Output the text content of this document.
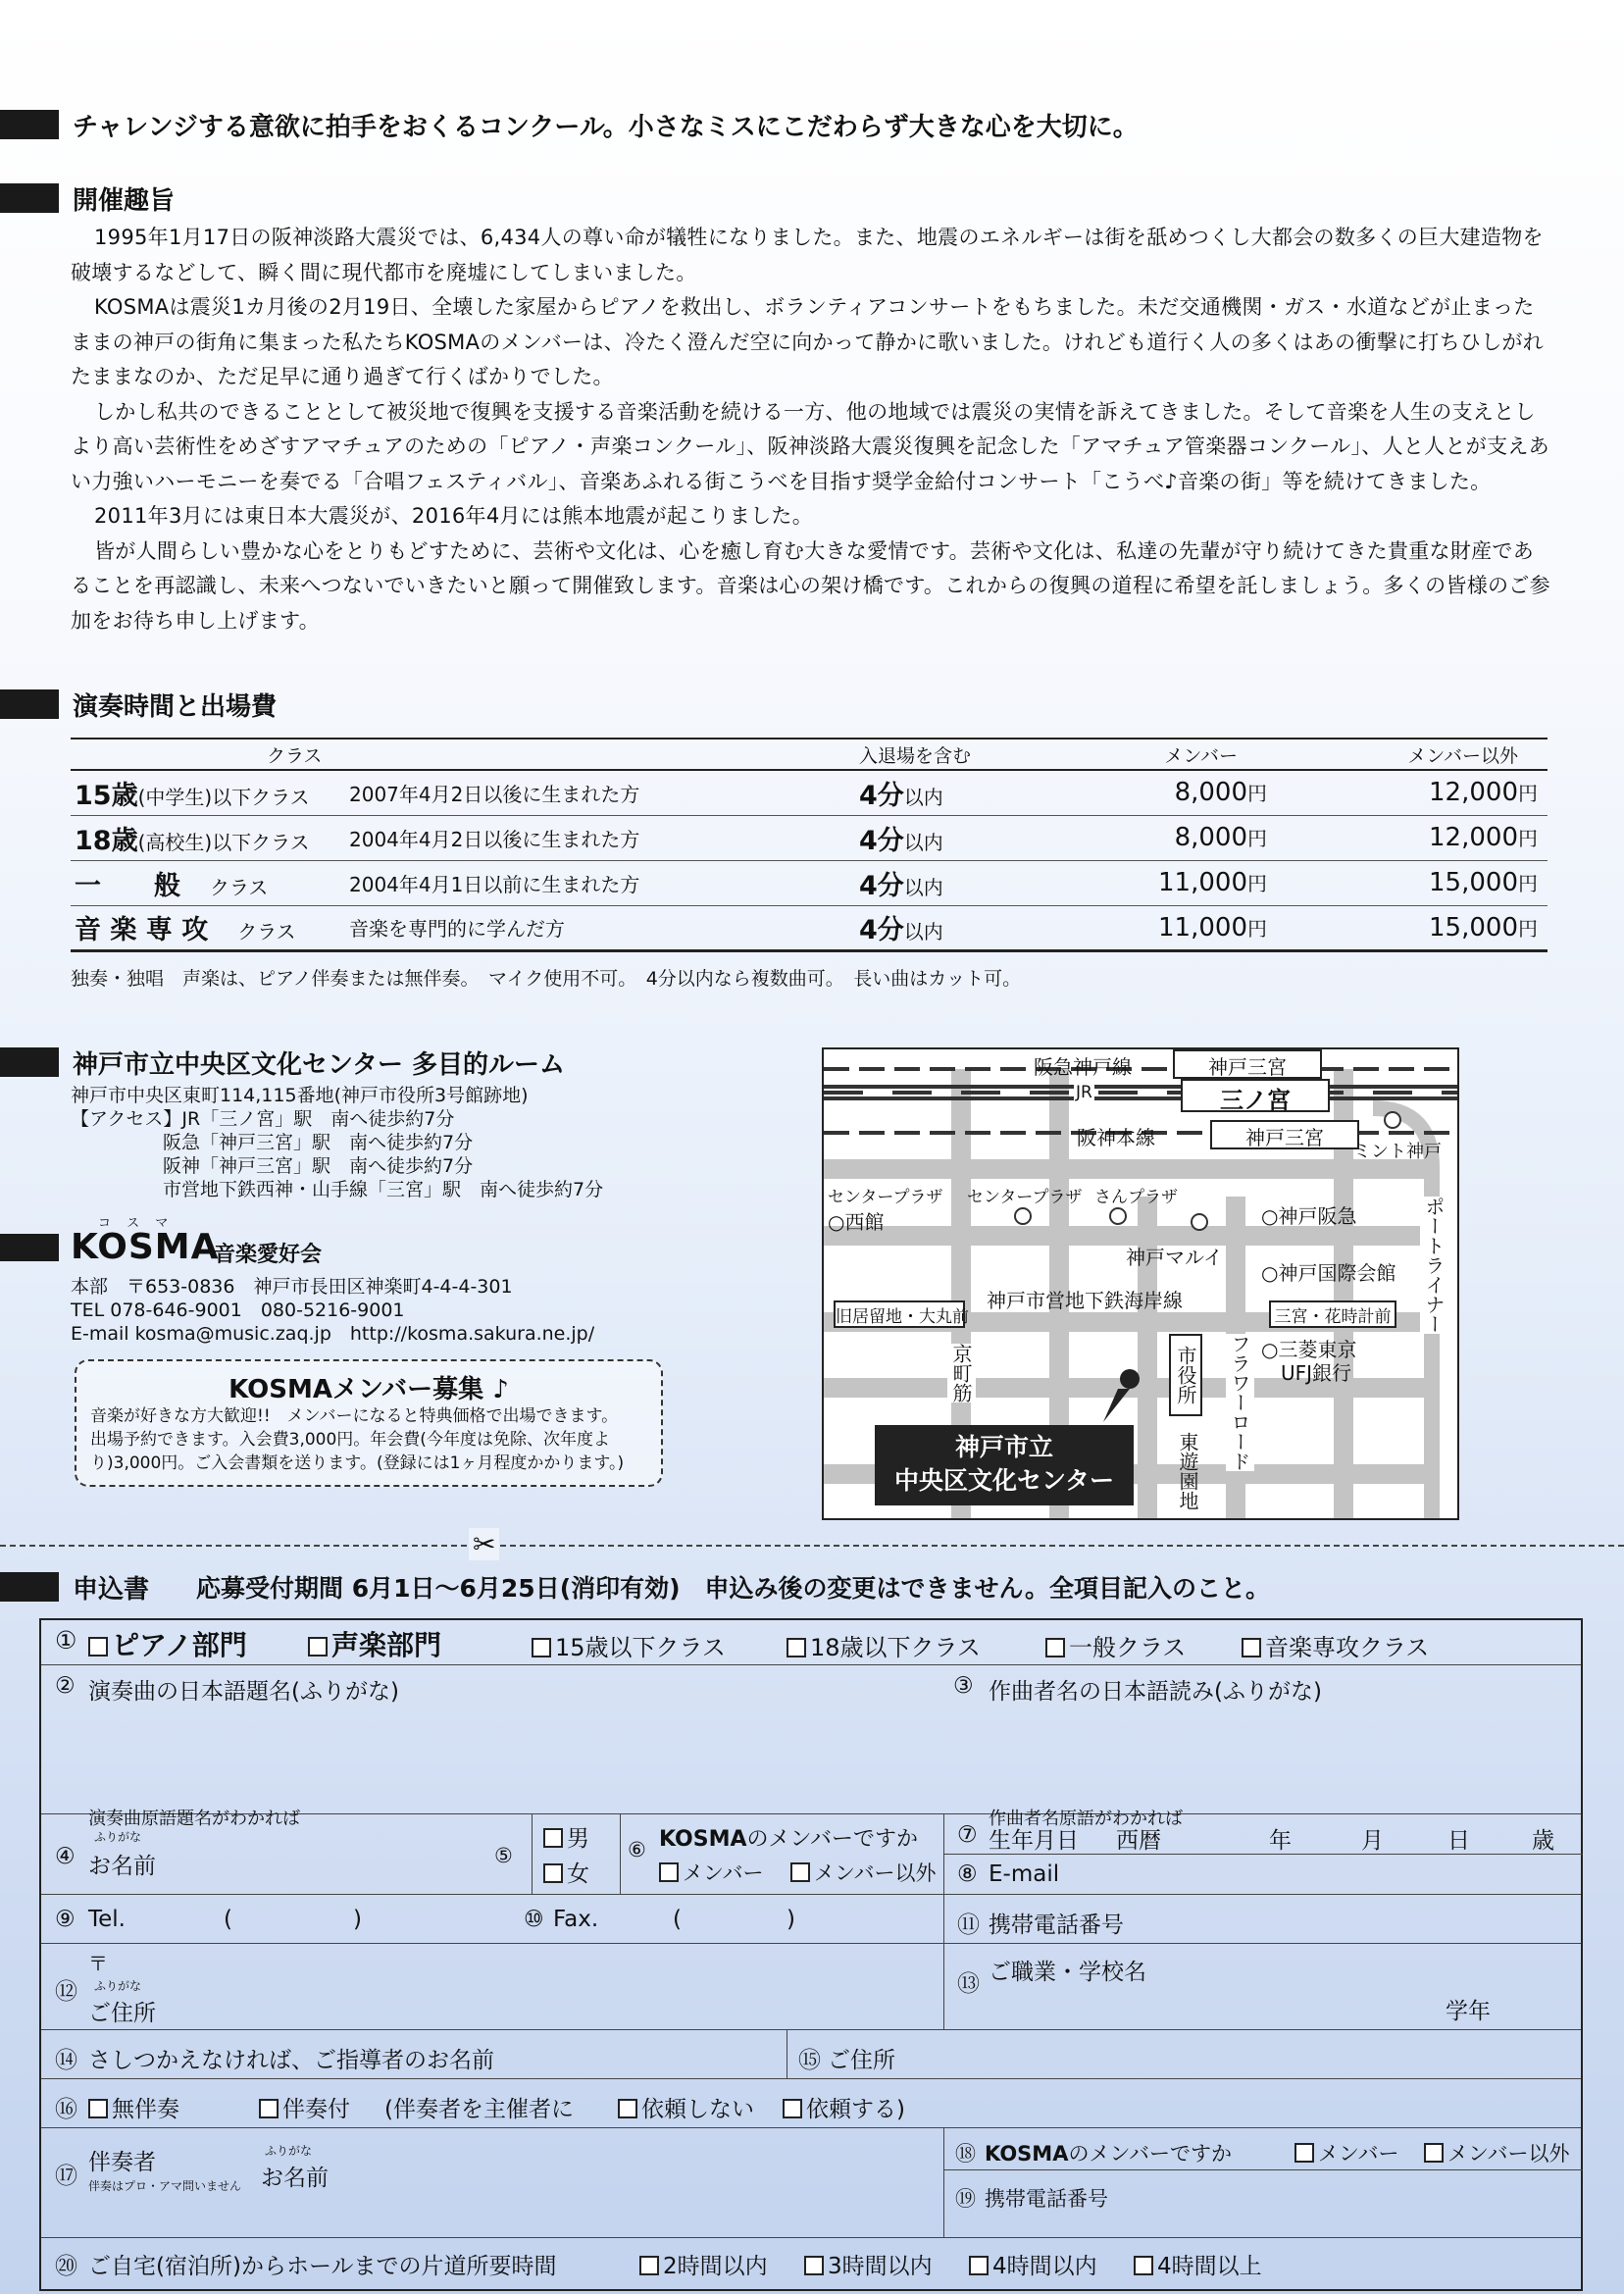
チャレンジする意欲に拍手をおくるコンクール。小さなミスにこだわらず大きな心を大切に。
開催趣旨

1995年1月17日の阪神淡路大震災では、6,434人の尊い命が犠牲になりました。また、地震のエネルギーは街を舐めつくし大都会の数多くの巨大建造物を破壊するなどして、瞬く間に現代都市を廃墟にしてしまいました。

KOSMAは震災1カ月後の2月19日、全壊した家屋からピアノを救出し、ボランティアコンサートをもちました。未だ交通機関・ガス・水道などが止まったままの神戸の街角に集まった私たちKOSMAのメンバーは、冷たく澄んだ空に向かって静かに歌いました。けれども道行く人の多くはあの衝撃に打ちひしがれたままなのか、ただ足早に通り過ぎて行くばかりでした。

しかし私共のできることとして被災地で復興を支援する音楽活動を続ける一方、他の地域では震災の実情を訴えてきました。そして音楽を人生の支えとしより高い芸術性をめざすアマチュアのための「ピアノ・声楽コンクール」、阪神淡路大震災復興を記念した「アマチュア管楽器コンクール」、人と人とが支えあい力強いハーモニーを奏でる「合唱フェスティバル」、音楽あふれる街こうべを目指す奨学金給付コンサート「こうべ♪音楽の街」等を続けてきました。

2011年3月には東日本大震災が、2016年4月には熊本地震が起こりました。

皆が人間らしい豊かな心をとりもどすために、芸術や文化は、心を癒し育む大きな愛情です。芸術や文化は、私達の先輩が守り続けてきた貴重な財産であることを再認識し、未来へつないでいきたいと願って開催致します。音楽は心の架け橋です。これからの復興の道程に希望を託しましょう。多くの皆様のご参加をお待ち申し上げます。

演奏時間と出場費
クラス		入退場を含む	メンバー	メンバー以外
15歳(中学生)以下クラス	2007年4月2日以後に生まれた方	4分以内	8,000円	12,000円
18歳(高校生)以下クラス	2004年4月2日以後に生まれた方	4分以内	8,000円	12,000円
一　　般 クラス	2004年4月1日以前に生まれた方	4分以内	11,000円	15,000円
音 楽 専 攻 クラス	音楽を専門的に学んだ方	4分以内	11,000円	15,000円
独奏・独唱　声楽は、ピアノ伴奏または無伴奏。　マイク使用不可。　4分以内なら複数曲可。　長い曲はカット可。
神戸市立中央区文化センター 多目的ルーム
神戸市中央区東町114,115番地(神戸市役所3号館跡地)
【アクセス】JR「三ノ宮」駅　南へ徒歩約7分
阪急「神戸三宮」駅　南へ徒歩約7分
阪神「神戸三宮」駅　南へ徒歩約7分
市営地下鉄西神・山手線「三宮」駅　南へ徒歩約7分
コ ス マ
KOSMA
音楽愛好会
本部　〒653-0836　神戸市長田区神楽町4-4-4-301
TEL 078-646-9001　080-5216-9001
E-mail kosma@music.zaq.jp　http://kosma.sakura.ne.jp/
KOSMAメンバー募集 ♪
音楽が好きな方大歓迎!!　メンバーになると特典価格で出場できます。
出場予約できます。入会費3,000円。年会費(今年度は免除、次年度よ
り)3,000円。ご入会書類を送ります。(登録には1ヶ月程度かかります。)
阪急神戸線	神戸三宮
JR	三ノ宮
阪神本線	神戸三宮
ミント神戸
センタープラザ
○西館
センタープラザ さんプラザ
神戸マルイ
○神戸阪急
○神戸国際会館
神戸市営地下鉄海岸線
旧居留地・大丸前	三宮・花時計前
○三菱東京
UFJ銀行
京町筋	市役所 フラワーロード
東遊園地
ポートライナー
神戸市立
中央区文化センター
✂
申込書 応募受付期間 6月1日～6月25日(消印有効)　申込み後の変更はできません。全項目記入のこと。
①	ピアノ部門	声楽部門	15歳以下クラス	18歳以下クラス	一般クラス	音楽専攻クラス
② 演奏曲の日本語題名(ふりがな)	③ 作曲者名の日本語読み(ふりがな)
演奏曲原語題名がわかれば	作曲者名原語がわかれば
④
ふりがな
お名前	⑤
男
女
⑥ KOSMAのメンバーですか
メンバー	メンバー以外
⑦ 生年月日 西暦	年	月	日	歳
⑧ E-mail
⑨ Tel.	(	)	⑩ Fax.	(	)	⑪ 携帯電話番号
⑫
〒
ふりがな
ご住所
⑬ ご職業・学校名
学年
⑭ さしつかえなければ、ご指導者のお名前	⑮ ご住所
⑯	無伴奏	伴奏付 (伴奏者を主催者に	依頼しない	依頼する)
⑰
伴奏者
伴奏はプロ・アマ問いません
ふりがな
お名前
⑱ KOSMAのメンバーですか	メンバー	メンバー以外
⑲ 携帯電話番号
⑳ ご自宅(宿泊所)からホールまでの片道所要時間	2時間以内	3時間以内	4時間以内	4時間以上
